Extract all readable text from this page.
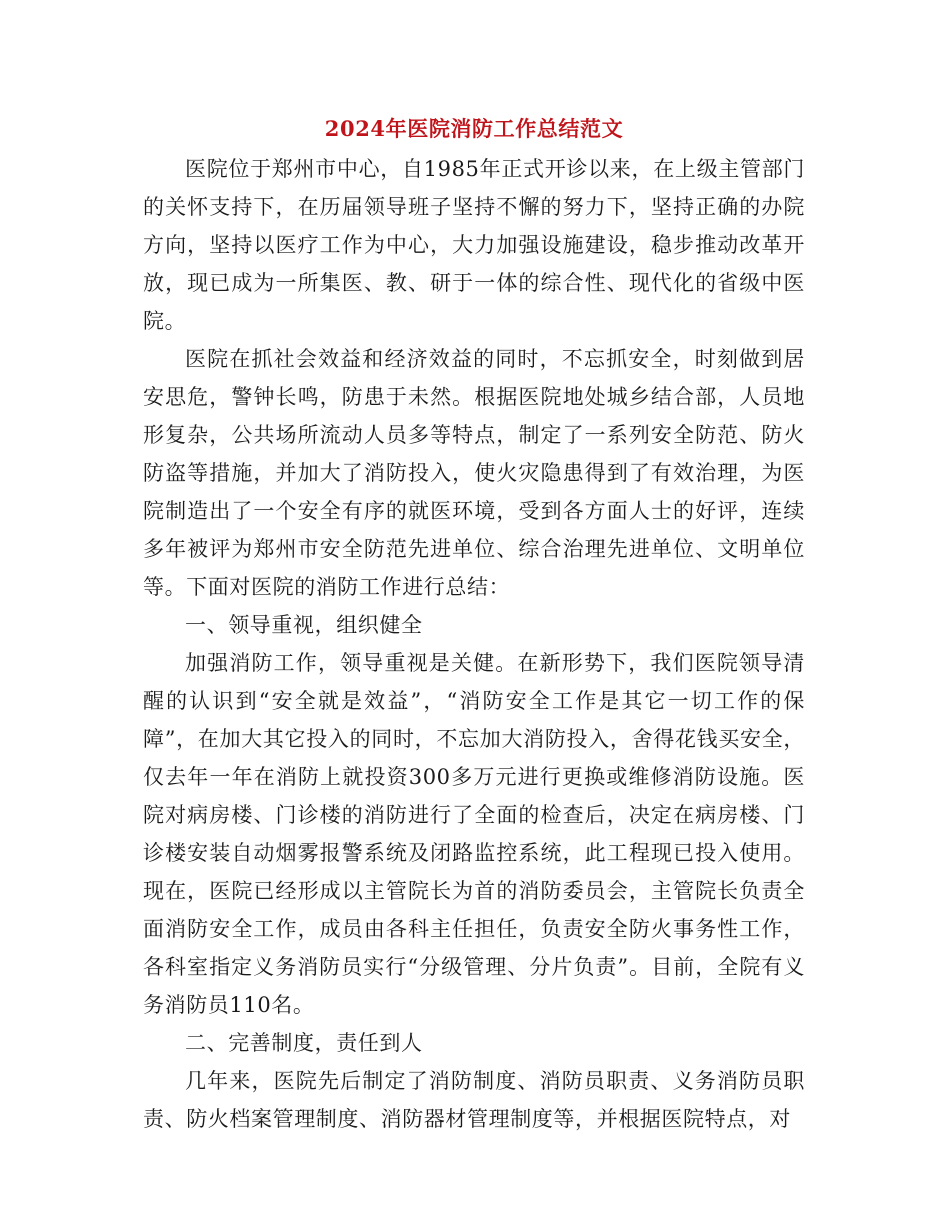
2024年医院消防工作总结范文

医院位于郑州市中心，自1985年正式开诊以来，在上级主管部门的关怀支持下，在历届领导班子坚持不懈的努力下，坚持正确的办院方向，坚持以医疗工作为中心，大力加强设施建设，稳步推动改革开放，现已成为一所集医、教、研于一体的综合性、现代化的省级中医院。

医院在抓社会效益和经济效益的同时，不忘抓安全，时刻做到居安思危，警钟长鸣，防患于未然。根据医院地处城乡结合部，人员地形复杂，公共场所流动人员多等特点，制定了一系列安全防范、防火防盗等措施，并加大了消防投入，使火灾隐患得到了有效治理，为医院制造出了一个安全有序的就医环境，受到各方面人士的好评，连续多年被评为郑州市安全防范先进单位、综合治理先进单位、文明单位等。下面对医院的消防工作进行总结：

一、领导重视，组织健全

加强消防工作，领导重视是关健。在新形势下，我们医院领导清醒的认识到“安全就是效益”，“消防安全工作是其它一切工作的保障”，在加大其它投入的同时，不忘加大消防投入，舍得花钱买安全，仅去年一年在消防上就投资300多万元进行更换或维修消防设施。医院对病房楼、门诊楼的消防进行了全面的检查后，决定在病房楼、门诊楼安装自动烟雾报警系统及闭路监控系统，此工程现已投入使用。现在，医院已经形成以主管院长为首的消防委员会，主管院长负责全面消防安全工作，成员由各科主任担任，负责安全防火事务性工作，各科室指定义务消防员实行“分级管理、分片负责”。目前，全院有义务消防员110名。

二、完善制度，责任到人

几年来，医院先后制定了消防制度、消防员职责、义务消防员职责、防火档案管理制度、消防器材管理制度等，并根据医院特点，对
